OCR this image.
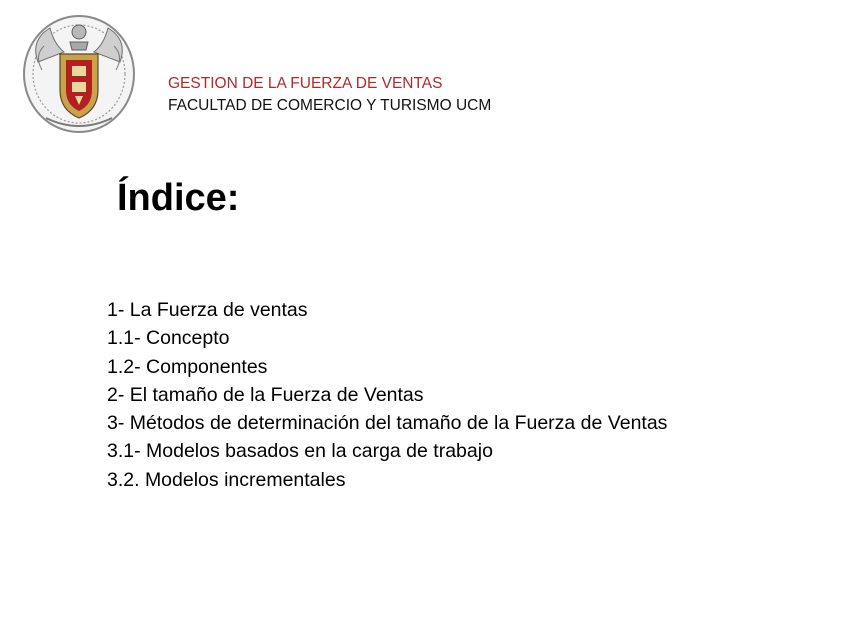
GESTION DE LA FUERZA DE VENTAS
FACULTAD DE COMERCIO Y TURISMO UCM
Índice:
1- La Fuerza de ventas
1.1- Concepto
1.2- Componentes
2- El tamaño de la Fuerza de Ventas
3- Métodos de determinación del tamaño de la Fuerza de Ventas
3.1- Modelos basados en la carga de trabajo
3.2. Modelos incrementales
